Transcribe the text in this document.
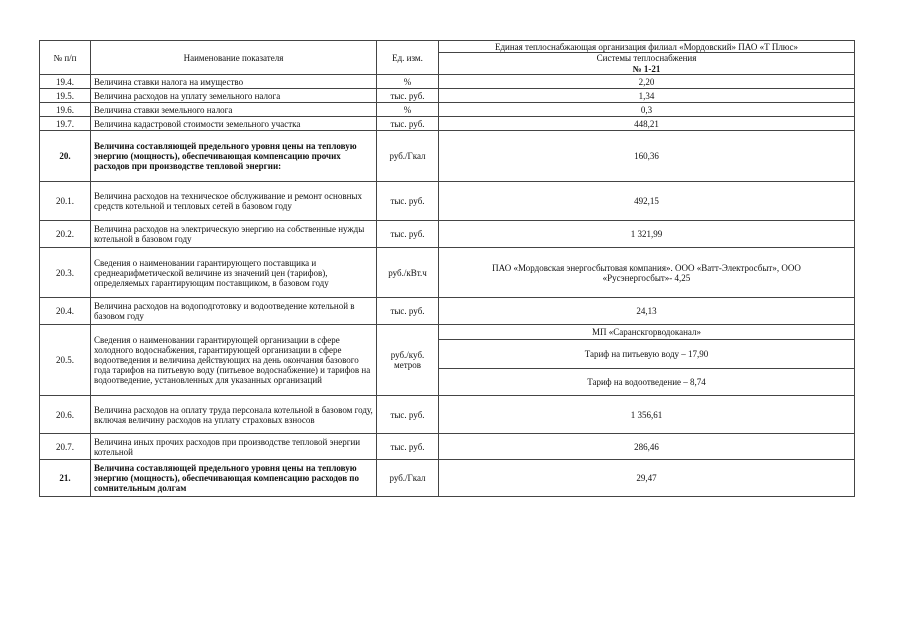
№ п/п	Наименование показателя	Ед. изм.	Единая теплоснабжающая организация филиал «Мордовский» ПАО «Т Плюс»
			Системы теплоснабжения
			№ 1-21
19.4.	Величина ставки налога на имущество	%	2,20
19.5.	Величина расходов на уплату земельного налога	тыс. руб.	1,34
19.6.	Величина ставки земельного налога	%	0,3
19.7.	Величина кадастровой стоимости земельного участка	тыс. руб.	448,21
20.	Величина составляющей предельного уровня цены на тепловую энергию (мощность), обеспечивающая компенсацию прочих расходов при производстве тепловой энергии:	руб./Гкал	160,36
20.1.	Величина расходов на техническое обслуживание и ремонт основных средств котельной и тепловых сетей в базовом году	тыс. руб.	492,15
20.2.	Величина расходов на электрическую энергию на собственные нужды котельной в базовом году	тыс. руб.	1 321,99
20.3.	Сведения о наименовании гарантирующего поставщика и среднеарифметической величине из значений цен (тарифов), определяемых гарантирующим поставщиком, в базовом году	руб./кВт.ч	ПАО «Мордовская энергосбытовая компания». ООО «Ватт-Электросбыт», ООО «Русэнергосбыт»- 4,25
20.4.	Величина расходов на водоподготовку и водоотведение котельной в базовом году	тыс. руб.	24,13
20.5.	Сведения о наименовании гарантирующей организации в сфере холодного водоснабжения, гарантирующей организации в сфере водоотведения и величина действующих на день окончания базового года тарифов на питьевую воду (питьевое водоснабжение) и тарифов на водоотведение, установленных для указанных организаций	руб./куб. метров	МП «Саранскгорводоканал»
			Тариф на питьевую воду – 17,90
			Тариф на водоотведение – 8,74
20.6.	Величина расходов на оплату труда персонала котельной в базовом году, включая величину расходов на уплату страховых взносов	тыс. руб.	1 356,61
20.7.	Величина иных прочих расходов при производстве тепловой энергии котельной	тыс. руб.	286,46
21.	Величина составляющей предельного уровня цены на тепловую энергию (мощность), обеспечивающая компенсацию расходов по сомнительным долгам	руб./Гкал	29,47
